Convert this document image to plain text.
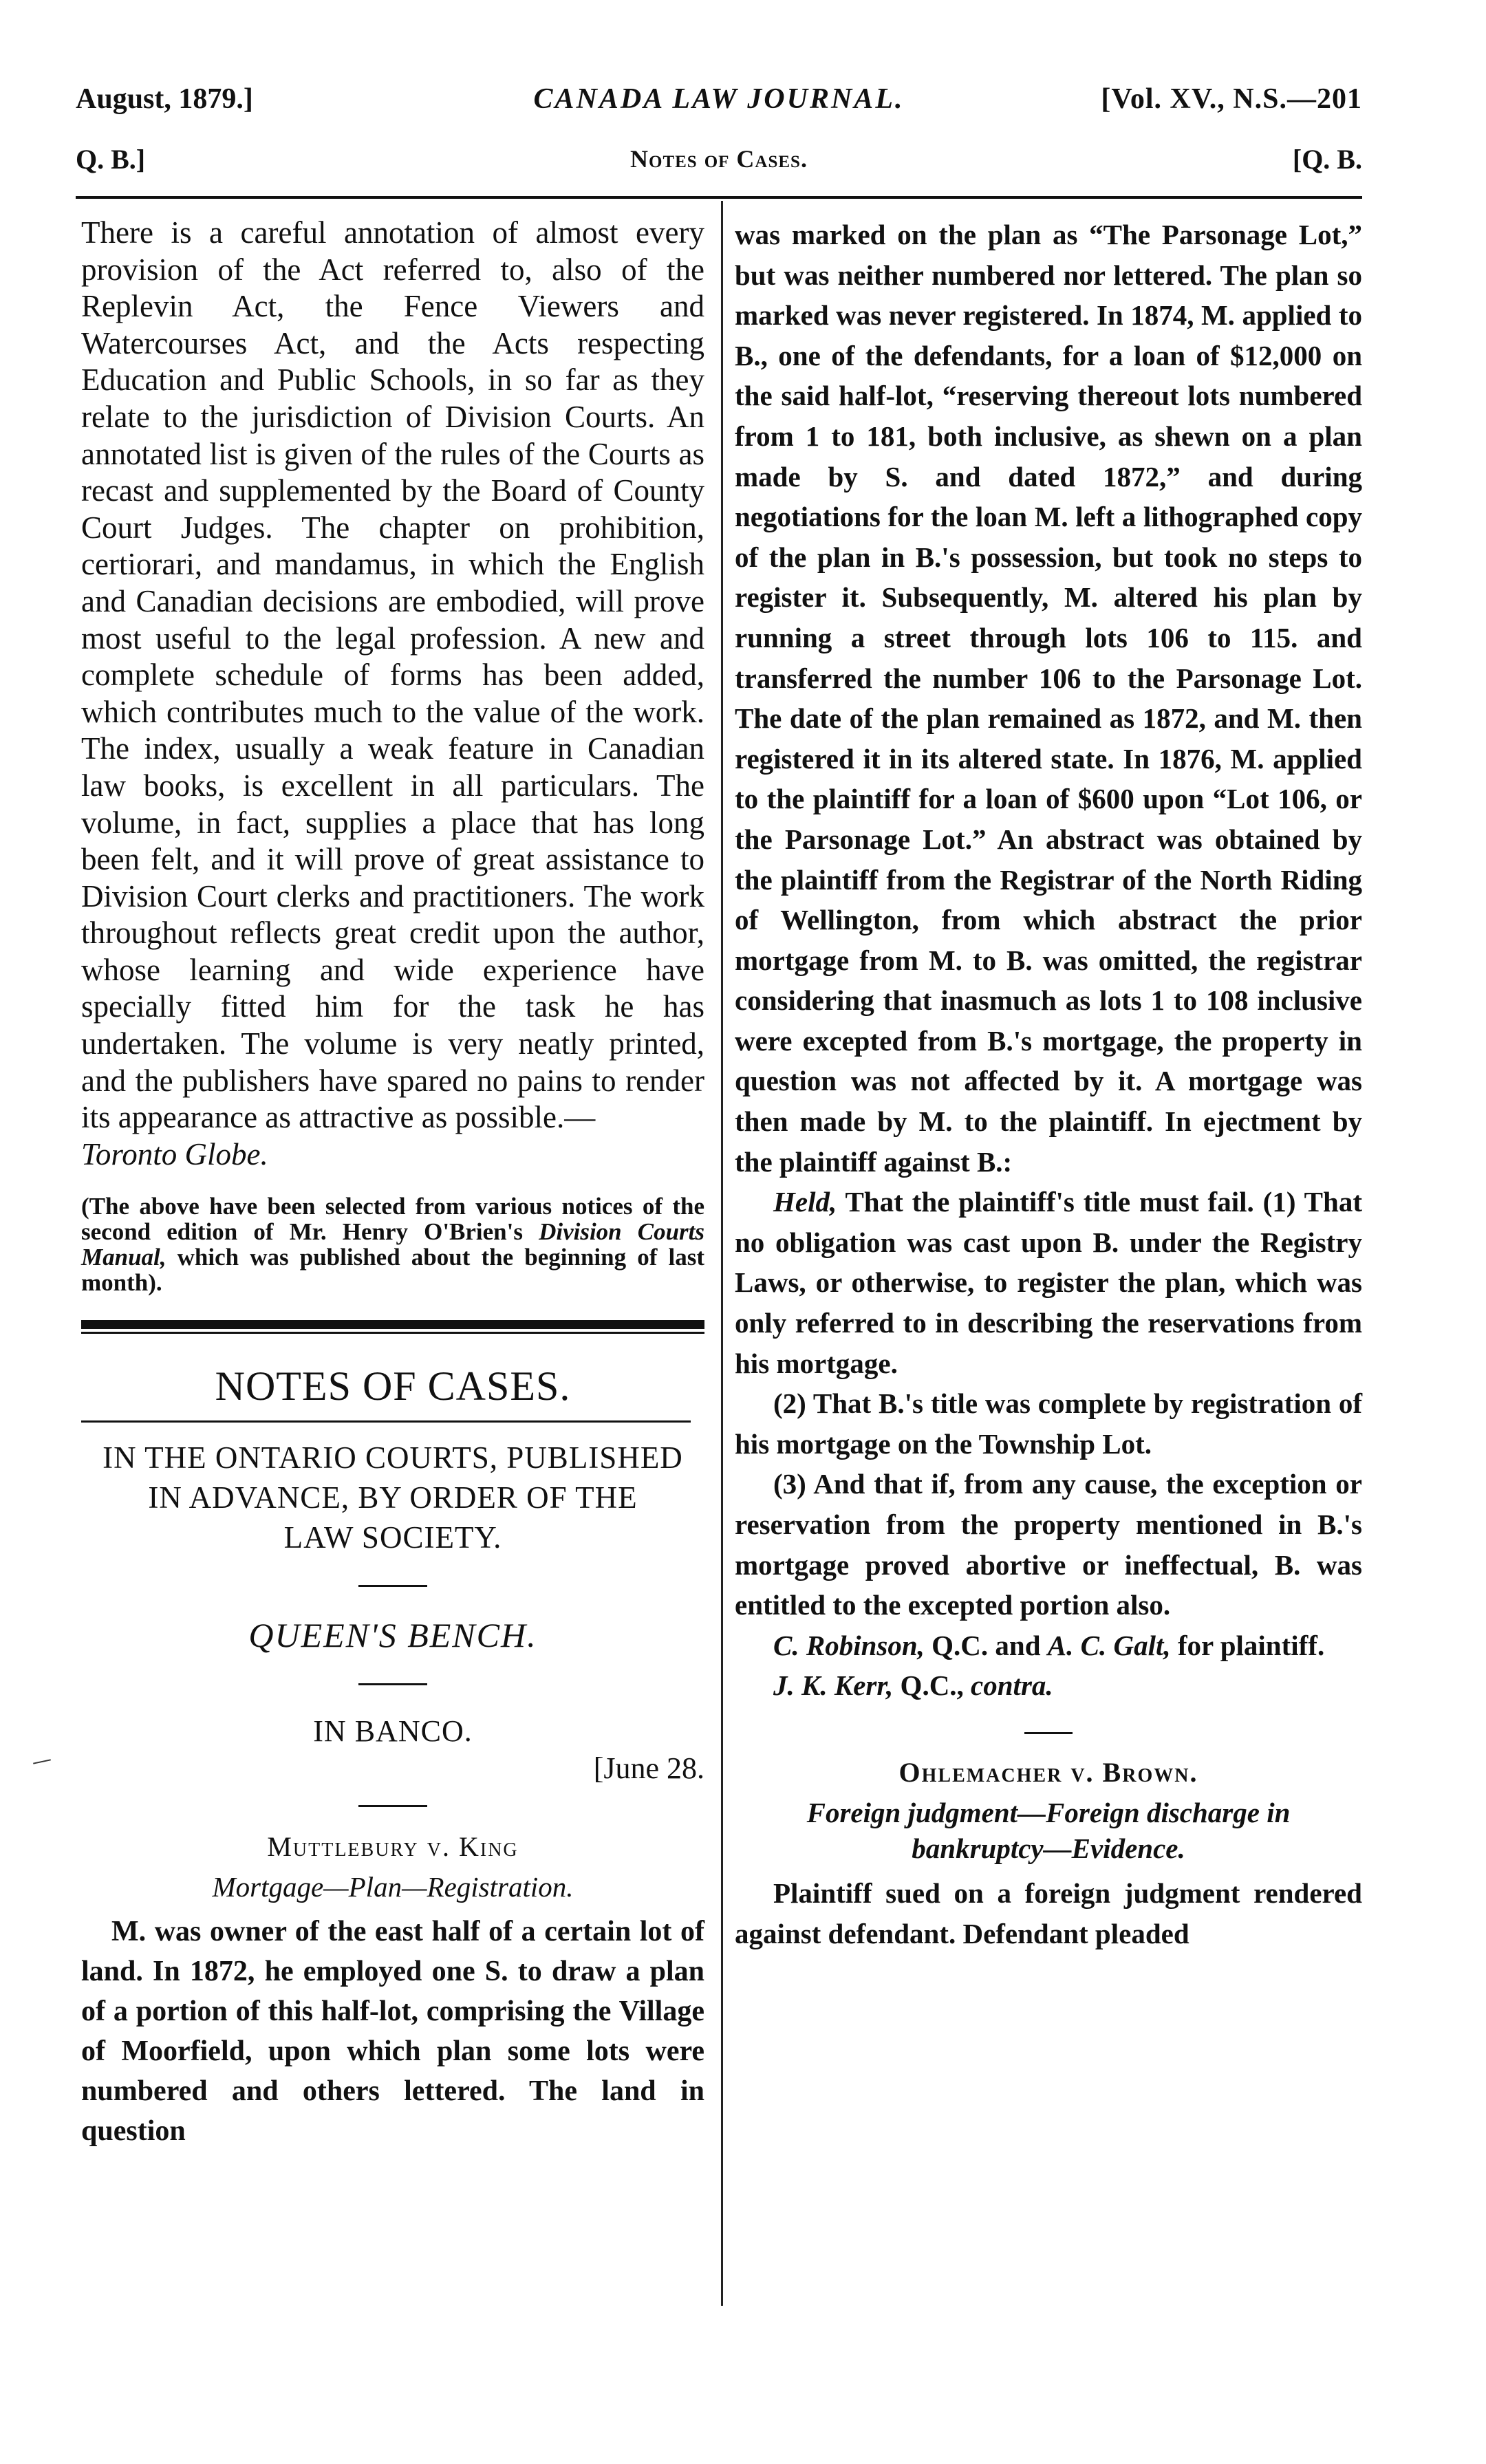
August, 1879.]	CANADA LAW JOURNAL.	[Vol. XV., N.S.—201
Q. B.]	Notes of Cases.	[Q. B.

There is a careful annotation of almost every provision of the Act referred to, also of the Replevin Act, the Fence Viewers and Watercourses Act, and the Acts respecting Education and Public Schools, in so far as they relate to the jurisdiction of Division Courts. An annotated list is given of the rules of the Courts as recast and supplemented by the Board of County Court Judges. The chapter on prohibition, certiorari, and mandamus, in which the English and Canadian decisions are embodied, will prove most useful to the legal profession. A new and complete schedule of forms has been added, which contributes much to the value of the work. The index, usually a weak feature in Canadian law books, is excellent in all particulars. The volume, in fact, supplies a place that has long been felt, and it will prove of great assistance to Division Court clerks and practitioners. The work throughout reflects great credit upon the author, whose learning and wide experience have specially fitted him for the task he has undertaken. The volume is very neatly printed, and the publishers have spared no pains to render its appearance as attractive as possible.—
Toronto Globe.

(The above have been selected from various notices of the second edition of Mr. Henry O'Brien's Division Courts Manual, which was published about the beginning of last month).

NOTES OF CASES.
IN THE ONTARIO COURTS, PUBLISHED
IN ADVANCE, BY ORDER OF THE
LAW SOCIETY.
QUEEN'S BENCH.
IN BANCO.
[June 28.
Muttlebury v. King
Mortgage—Plan—Registration.

M. was owner of the east half of a certain lot of land. In 1872, he employed one S. to draw a plan of a portion of this half-lot, comprising the Village of Moorfield, upon which plan some lots were numbered and others lettered. The land in question

was marked on the plan as “The Parsonage Lot,” but was neither numbered nor lettered. The plan so marked was never registered. In 1874, M. applied to B., one of the defendants, for a loan of $12,000 on the said half-lot, “reserving thereout lots numbered from 1 to 181, both inclusive, as shewn on a plan made by S. and dated 1872,” and during negotiations for the loan M. left a lithographed copy of the plan in B.'s possession, but took no steps to register it. Subsequently, M. altered his plan by running a street through lots 106 to 115. and transferred the number 106 to the Parsonage Lot. The date of the plan remained as 1872, and M. then registered it in its altered state. In 1876, M. applied to the plaintiff for a loan of $600 upon “Lot 106, or the Parsonage Lot.” An abstract was obtained by the plaintiff from the Registrar of the North Riding of Wellington, from which abstract the prior mortgage from M. to B. was omitted, the registrar considering that inasmuch as lots 1 to 108 inclusive were excepted from B.'s mortgage, the property in question was not affected by it. A mortgage was then made by M. to the plaintiff. In ejectment by the plaintiff against B.:

Held, That the plaintiff's title must fail. (1) That no obligation was cast upon B. under the Registry Laws, or otherwise, to register the plan, which was only referred to in describing the reservations from his mortgage.

(2) That B.'s title was complete by registration of his mortgage on the Township Lot.

(3) And that if, from any cause, the exception or reservation from the property mentioned in B.'s mortgage proved abortive or ineffectual, B. was entitled to the excepted portion also.

C. Robinson, Q.C. and A. C. Galt, for plaintiff.

J. K. Kerr, Q.C., contra.

Ohlemacher v. Brown.
Foreign judgment—Foreign discharge in
bankruptcy—Evidence.

Plaintiff sued on a foreign judgment rendered against defendant. Defendant pleaded
